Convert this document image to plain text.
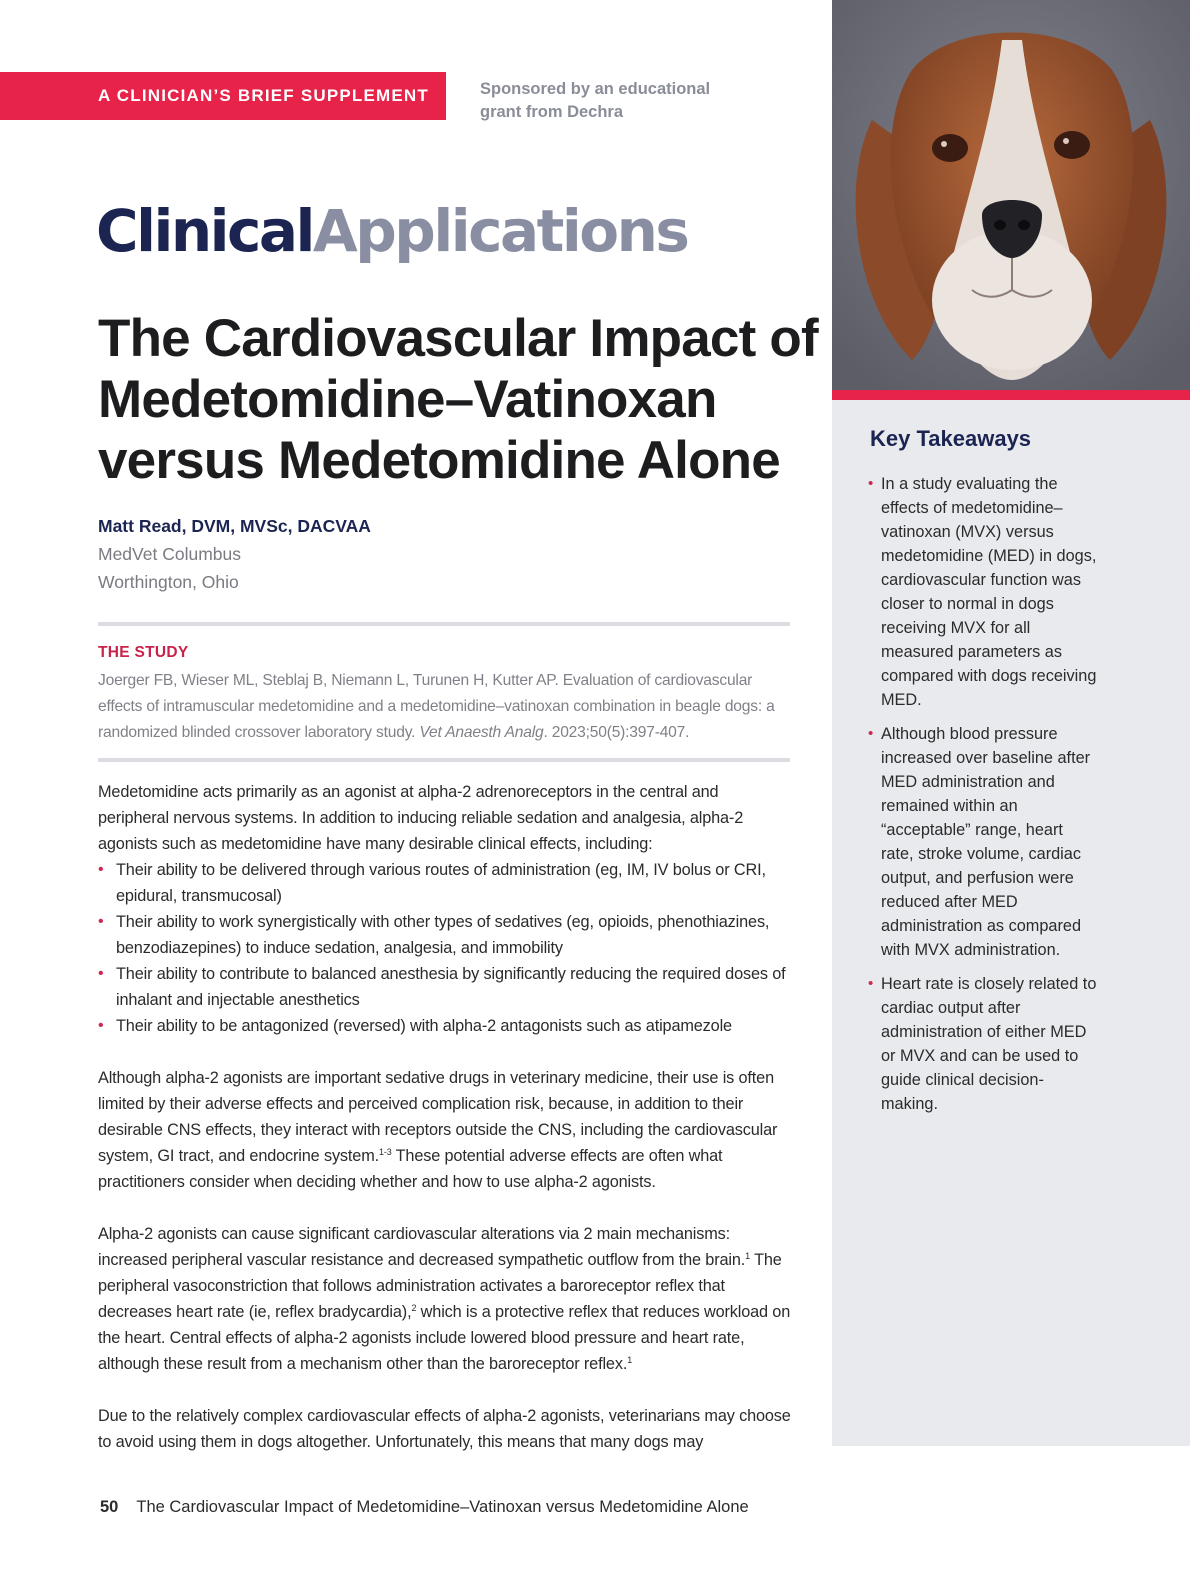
A CLINICIAN’S BRIEF SUPPLEMENT	Sponsored by an educational grant from Dechra
ClinicalApplications
The Cardiovascular Impact of Medetomidine–Vatinoxan versus Medetomidine Alone
Matt Read, DVM, MVSc, DACVAA
MedVet Columbus
Worthington, Ohio
THE STUDY

Joerger FB, Wieser ML, Steblaj B, Niemann L, Turunen H, Kutter AP. Evaluation of cardiovascular effects of intramuscular medetomidine and a medetomidine–vatinoxan combination in beagle dogs: a randomized blinded crossover laboratory study. Vet Anaesth Analg. 2023;50(5):397-407.

Medetomidine acts primarily as an agonist at alpha-2 adrenoreceptors in the central and peripheral nervous systems. In addition to inducing reliable sedation and analgesia, alpha-2 agonists such as medetomidine have many desirable clinical effects, including:

• Their ability to be delivered through various routes of administration (eg, IM, IV bolus or CRI, epidural, transmucosal)
• Their ability to work synergistically with other types of sedatives (eg, opioids, phenothiazines, benzodiazepines) to induce sedation, analgesia, and immobility
• Their ability to contribute to balanced anesthesia by significantly reducing the required doses of inhalant and injectable anesthetics
• Their ability to be antagonized (reversed) with alpha-2 antagonists such as atipamezole

Although alpha-2 agonists are important sedative drugs in veterinary medicine, their use is often limited by their adverse effects and perceived complication risk, because, in addition to their desirable CNS effects, they interact with receptors outside the CNS, including the cardiovascular system, GI tract, and endocrine system.$^{1-3}$ These potential adverse effects are often what practitioners consider when deciding whether and how to use alpha-2 agonists.

Alpha-2 agonists can cause significant cardiovascular alterations via 2 main mechanisms: increased peripheral vascular resistance and decreased sympathetic outflow from the brain.$^1$ The peripheral vasoconstriction that follows administration activates a baroreceptor reflex that decreases heart rate (ie, reflex bradycardia),$^2$ which is a protective reflex that reduces workload on the heart. Central effects of alpha-2 agonists include lowered blood pressure and heart rate, although these result from a mechanism other than the baroreceptor reflex.$^1$

Due to the relatively complex cardiovascular effects of alpha-2 agonists, veterinarians may choose to avoid using them in dogs altogether. Unfortunately, this means that many dogs may

50 The Cardiovascular Impact of Medetomidine–Vatinoxan versus Medetomidine Alone
Key Takeaways
• In a study evaluating the effects of medetomidine–vatinoxan (MVX) versus medetomidine (MED) in dogs, cardiovascular function was closer to normal in dogs receiving MVX for all measured parameters as compared with dogs receiving MED.
• Although blood pressure increased over baseline after MED administration and remained within an “acceptable” range, heart rate, stroke volume, cardiac output, and perfusion were reduced after MED administration as compared with MVX administration.
• Heart rate is closely related to cardiac output after administration of either MED or MVX and can be used to guide clinical decision-making.
